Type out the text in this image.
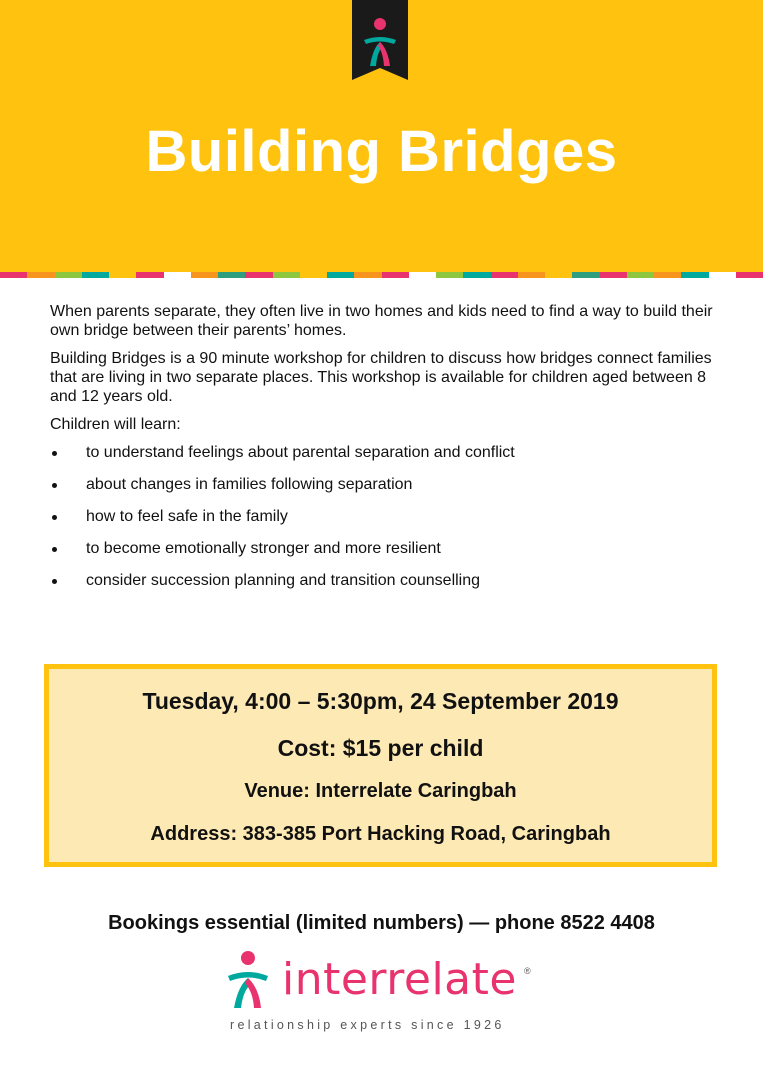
Building Bridges

When parents separate, they often live in two homes and kids need to find a way to build their own bridge between their parents’ homes.

Building Bridges is a 90 minute workshop for children to discuss how bridges connect families that are living in two separate places. This workshop is available for children aged between 8 and 12 years old.

Children will learn:

to understand feelings about parental separation and conflict
about changes in families following separation
how to feel safe in the family
to become emotionally stronger and more resilient
consider succession planning and transition counselling
Tuesday, 4:00 – 5:30pm, 24 September 2019
Cost: $15 per child
Venue: Interrelate Caringbah
Address: 383-385 Port Hacking Road, Caringbah
Bookings essential (limited numbers) — phone 8522 4408
interrelate ®
relationship experts since 1926
